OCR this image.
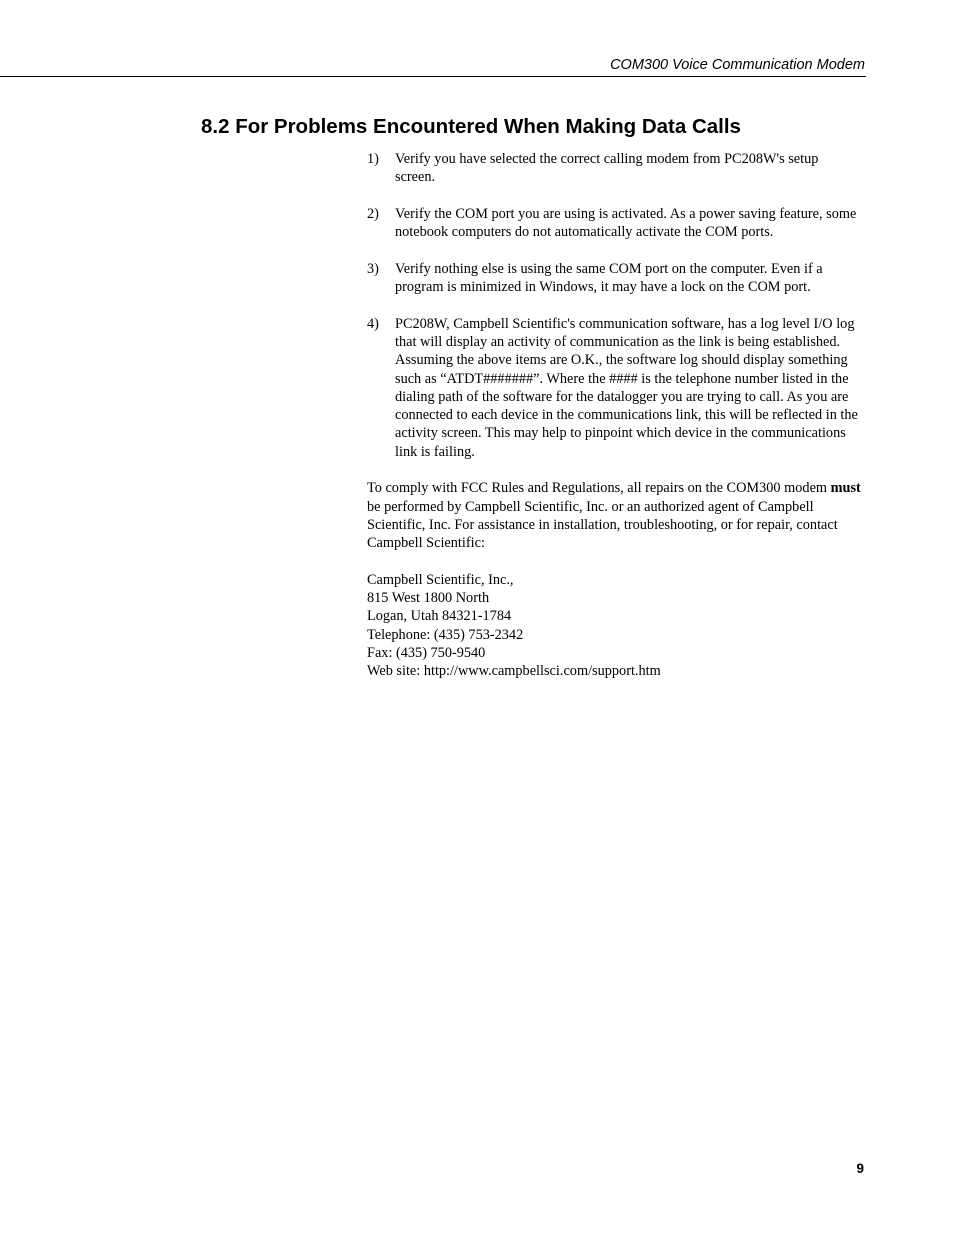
COM300 Voice Communication Modem
8.2 For Problems Encountered When Making Data Calls
1)	Verify you have selected the correct calling modem from PC208W's setup screen.
2)	Verify the COM port you are using is activated. As a power saving feature, some notebook computers do not automatically activate the COM ports.
3)	Verify nothing else is using the same COM port on the computer. Even if a program is minimized in Windows, it may have a lock on the COM port.
4)	PC208W, Campbell Scientific's communication software, has a log level I/O log that will display an activity of communication as the link is being established. Assuming the above items are O.K., the software log should display something such as “ATDT#######”. Where the #### is the telephone number listed in the dialing path of the software for the datalogger you are trying to call. As you are connected to each device in the communications link, this will be reflected in the activity screen. This may help to pinpoint which device in the communications link is failing.

To comply with FCC Rules and Regulations, all repairs on the COM300 modem must be performed by Campbell Scientific, Inc. or an authorized agent of Campbell Scientific, Inc. For assistance in installation, troubleshooting, or for repair, contact Campbell Scientific:

Campbell Scientific, Inc.,
815 West 1800 North
Logan, Utah 84321-1784
Telephone: (435) 753-2342
Fax: (435) 750-9540
Web site: http://www.campbellsci.com/support.htm
9
